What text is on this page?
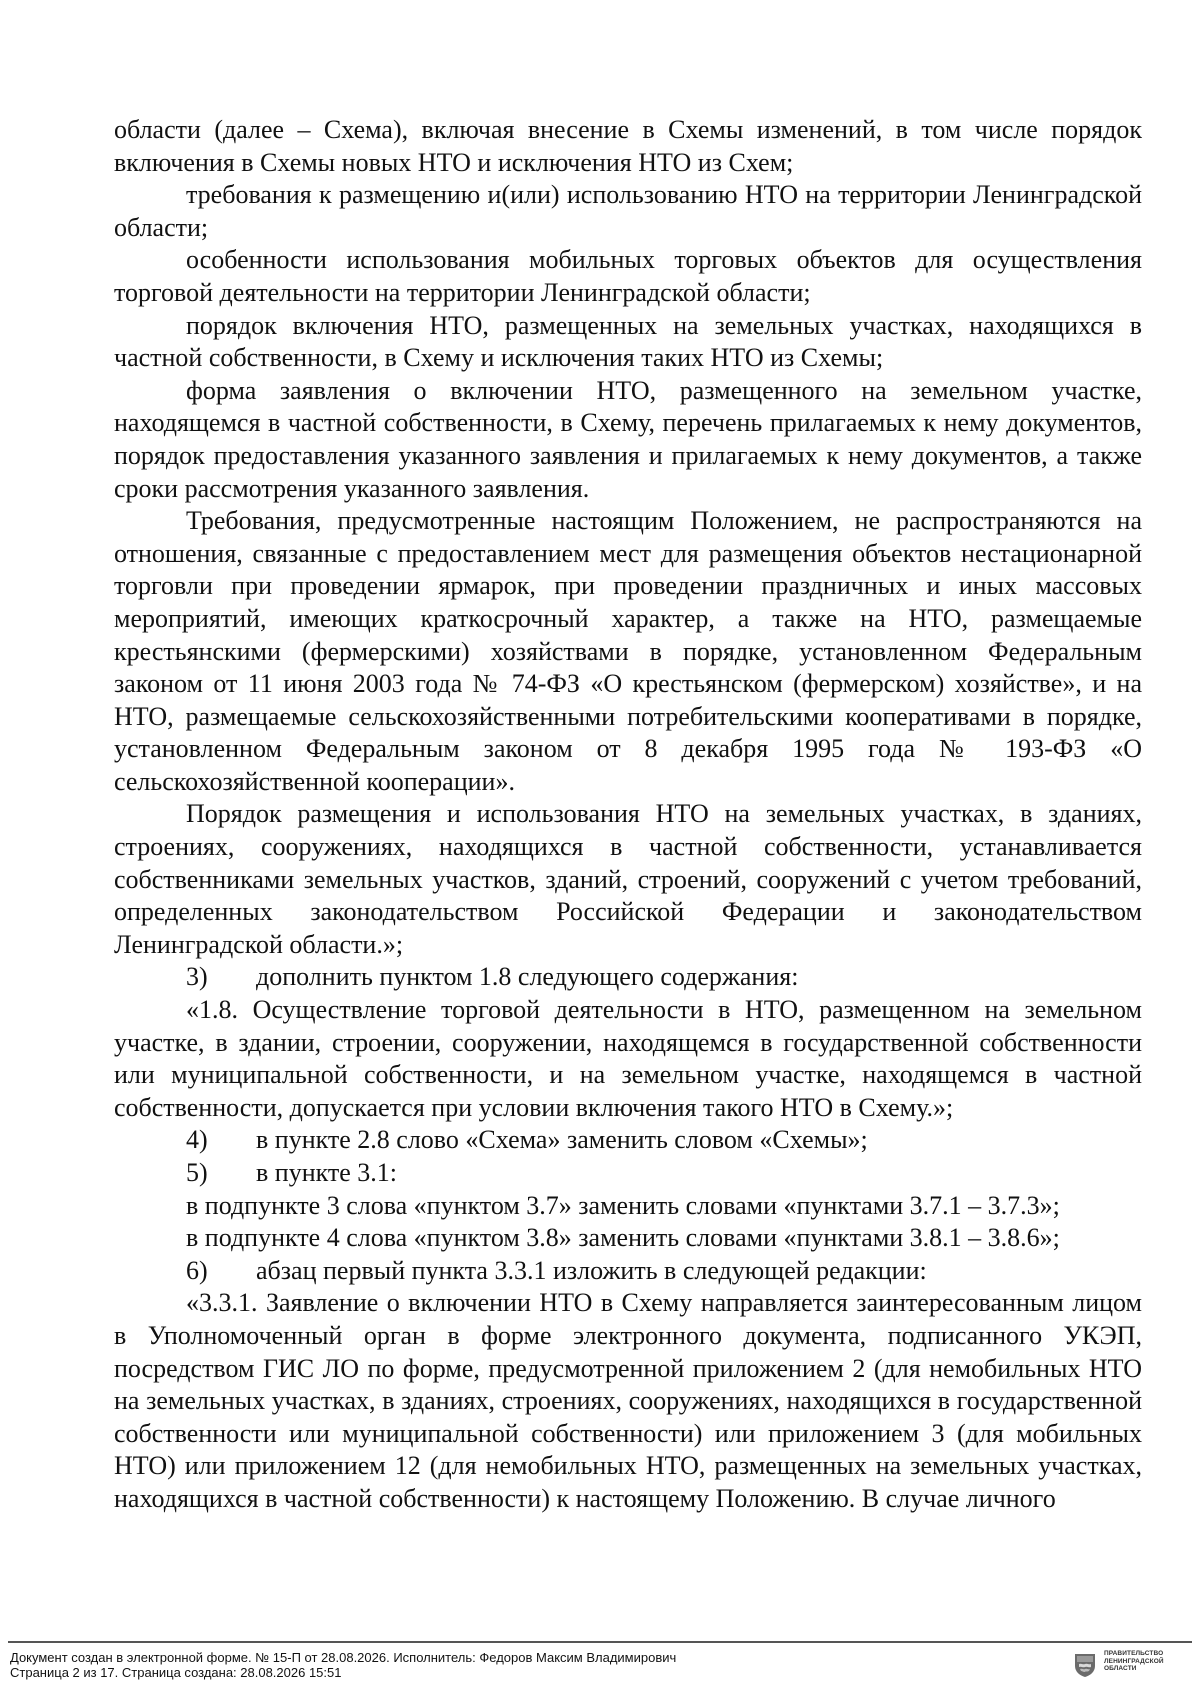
области (далее – Схема), включая внесение в Схемы изменений, в том числе порядок включения в Схемы новых НТО и исключения НТО из Схем;

требования к размещению и(или) использованию НТО на территории Ленинградской области;

особенности использования мобильных торговых объектов для осуществления торговой деятельности на территории Ленинградской области;

порядок включения НТО, размещенных на земельных участках, находящихся в частной собственности, в Схему и исключения таких НТО из Схемы;

форма заявления о включении НТО, размещенного на земельном участке, находящемся в частной собственности, в Схему, перечень прилагаемых к нему документов, порядок предоставления указанного заявления и прилагаемых к нему документов, а также сроки рассмотрения указанного заявления.

Требования, предусмотренные настоящим Положением, не распространяются на отношения, связанные с предоставлением мест для размещения объектов нестационарной торговли при проведении ярмарок, при проведении праздничных и иных массовых мероприятий, имеющих краткосрочный характер, а также на НТО, размещаемые крестьянскими (фермерскими) хозяйствами в порядке, установленном Федеральным законом от 11 июня 2003 года № 74-ФЗ «О крестьянском (фермерском) хозяйстве», и на НТО, размещаемые сельскохозяйственными потребительскими кооперативами в порядке, установленном Федеральным законом от 8 декабря 1995 года № 193-ФЗ «О сельскохозяйственной кооперации».

Порядок размещения и использования НТО на земельных участках, в зданиях, строениях, сооружениях, находящихся в частной собственности, устанавливается собственниками земельных участков, зданий, строений, сооружений с учетом требований, определенных законодательством Российской Федерации и законодательством Ленинградской области.»;

3) дополнить пунктом 1.8 следующего содержания:

«1.8. Осуществление торговой деятельности в НТО, размещенном на земельном участке, в здании, строении, сооружении, находящемся в государственной собственности или муниципальной собственности, и на земельном участке, находящемся в частной собственности, допускается при условии включения такого НТО в Схему.»;

4) в пункте 2.8 слово «Схема» заменить словом «Схемы»;

5) в пункте 3.1:

в подпункте 3 слова «пунктом 3.7» заменить словами «пунктами 3.7.1 – 3.7.3»;

в подпункте 4 слова «пунктом 3.8» заменить словами «пунктами 3.8.1 – 3.8.6»;

6) абзац первый пункта 3.3.1 изложить в следующей редакции:

«3.3.1. Заявление о включении НТО в Схему направляется заинтересованным лицом в Уполномоченный орган в форме электронного документа, подписанного УКЭП, посредством ГИС ЛО по форме, предусмотренной приложением 2 (для немобильных НТО на земельных участках, в зданиях, строениях, сооружениях, находящихся в государственной собственности или муниципальной собственности) или приложением 3 (для мобильных НТО) или приложением 12 (для немобильных НТО, размещенных на земельных участках, находящихся в частной собственности) к настоящему Положению. В случае личного

Документ создан в электронной форме. № 15-П от 28.08.2026. Исполнитель: Федоров Максим Владимирович
Страница 2 из 17. Страница создана: 28.08.2026 15:51
ПРАВИТЕЛЬСТВО
ЛЕНИНГРАДСКОЙ
ОБЛАСТИ
